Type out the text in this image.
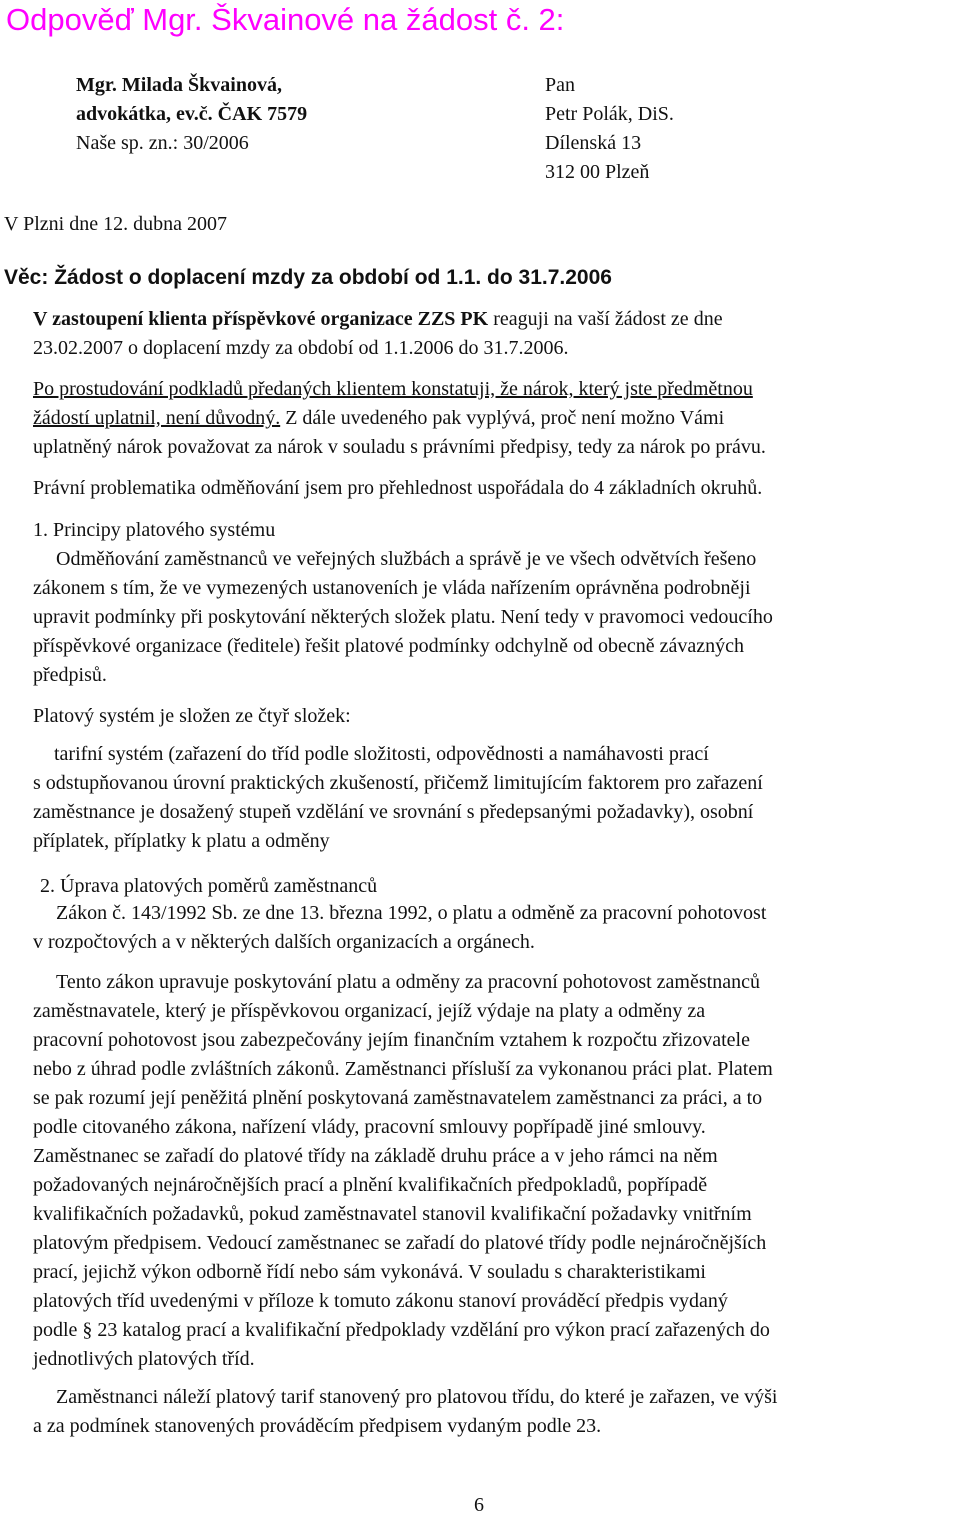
Odpověď Mgr. Škvainové na žádost č. 2:
Mgr. Milada Škvainová,
advokátka, ev.č. ČAK 7579
Naše sp. zn.: 30/2006
Pan
Petr Polák, DiS.
Dílenská 13
312 00 Plzeň
V Plzni dne 12. dubna 2007
Věc: Žádost o doplacení mzdy za období od 1.1. do 31.7.2006
V zastoupení klienta příspěvkové organizace ZZS PK reaguji na vaší žádost ze dne
23.02.2007 o doplacení mzdy za období od 1.1.2006 do 31.7.2006.
Po prostudování podkladů předaných klientem konstatuji, že nárok, který jste předmětnou
žádostí uplatnil, není důvodný. Z dále uvedeného pak vyplývá, proč není možno Vámi
uplatněný nárok považovat za nárok v souladu s právními předpisy, tedy za nárok po právu.
Právní problematika odměňování jsem pro přehlednost uspořádala do 4 základních okruhů.
1. Principy platového systému
Odměňování zaměstnanců ve veřejných službách a správě je ve všech odvětvích řešeno
zákonem s tím, že ve vymezených ustanoveních je vláda nařízením oprávněna podrobněji
upravit podmínky při poskytování některých složek platu. Není tedy v pravomoci vedoucího
příspěvkové organizace (ředitele) řešit platové podmínky odchylně od obecně závazných
předpisů.
Platový systém je složen ze čtyř složek:
tarifní systém (zařazení do tříd podle složitosti, odpovědnosti a namáhavosti prací
s odstupňovanou úrovní praktických zkušeností, přičemž limitujícím faktorem pro zařazení
zaměstnance je dosažený stupeň vzdělání ve srovnání s předepsanými požadavky), osobní
příplatek, příplatky k platu a odměny
2. Úprava platových poměrů zaměstnanců
Zákon č. 143/1992 Sb. ze dne 13. března 1992, o platu a odměně za pracovní pohotovost
v rozpočtových a v některých dalších organizacích a orgánech.
Tento zákon upravuje poskytování platu a odměny za pracovní pohotovost zaměstnanců
zaměstnavatele, který je příspěvkovou organizací, jejíž výdaje na platy a odměny za
pracovní pohotovost jsou zabezpečovány jejím finančním vztahem k rozpočtu zřizovatele
nebo z úhrad podle zvláštních zákonů. Zaměstnanci přísluší za vykonanou práci plat. Platem
se pak rozumí její peněžitá plnění poskytovaná zaměstnavatelem zaměstnanci za práci, a to
podle citovaného zákona, nařízení vlády, pracovní smlouvy popřípadě jiné smlouvy.
Zaměstnanec se zařadí do platové třídy na základě druhu práce a v jeho rámci na něm
požadovaných nejnáročnějších prací a plnění kvalifikačních předpokladů, popřípadě
kvalifikačních požadavků, pokud zaměstnavatel stanovil kvalifikační požadavky vnitřním
platovým předpisem. Vedoucí zaměstnanec se zařadí do platové třídy podle nejnáročnějších
prací, jejichž výkon odborně řídí nebo sám vykonává. V souladu s charakteristikami
platových tříd uvedenými v příloze k tomuto zákonu stanoví prováděcí předpis vydaný
podle § 23 katalog prací a kvalifikační předpoklady vzdělání pro výkon prací zařazených do
jednotlivých platových tříd.
Zaměstnanci náleží platový tarif stanovený pro platovou třídu, do které je zařazen, ve výši
a za podmínek stanovených prováděcím předpisem vydaným podle 23.
6
